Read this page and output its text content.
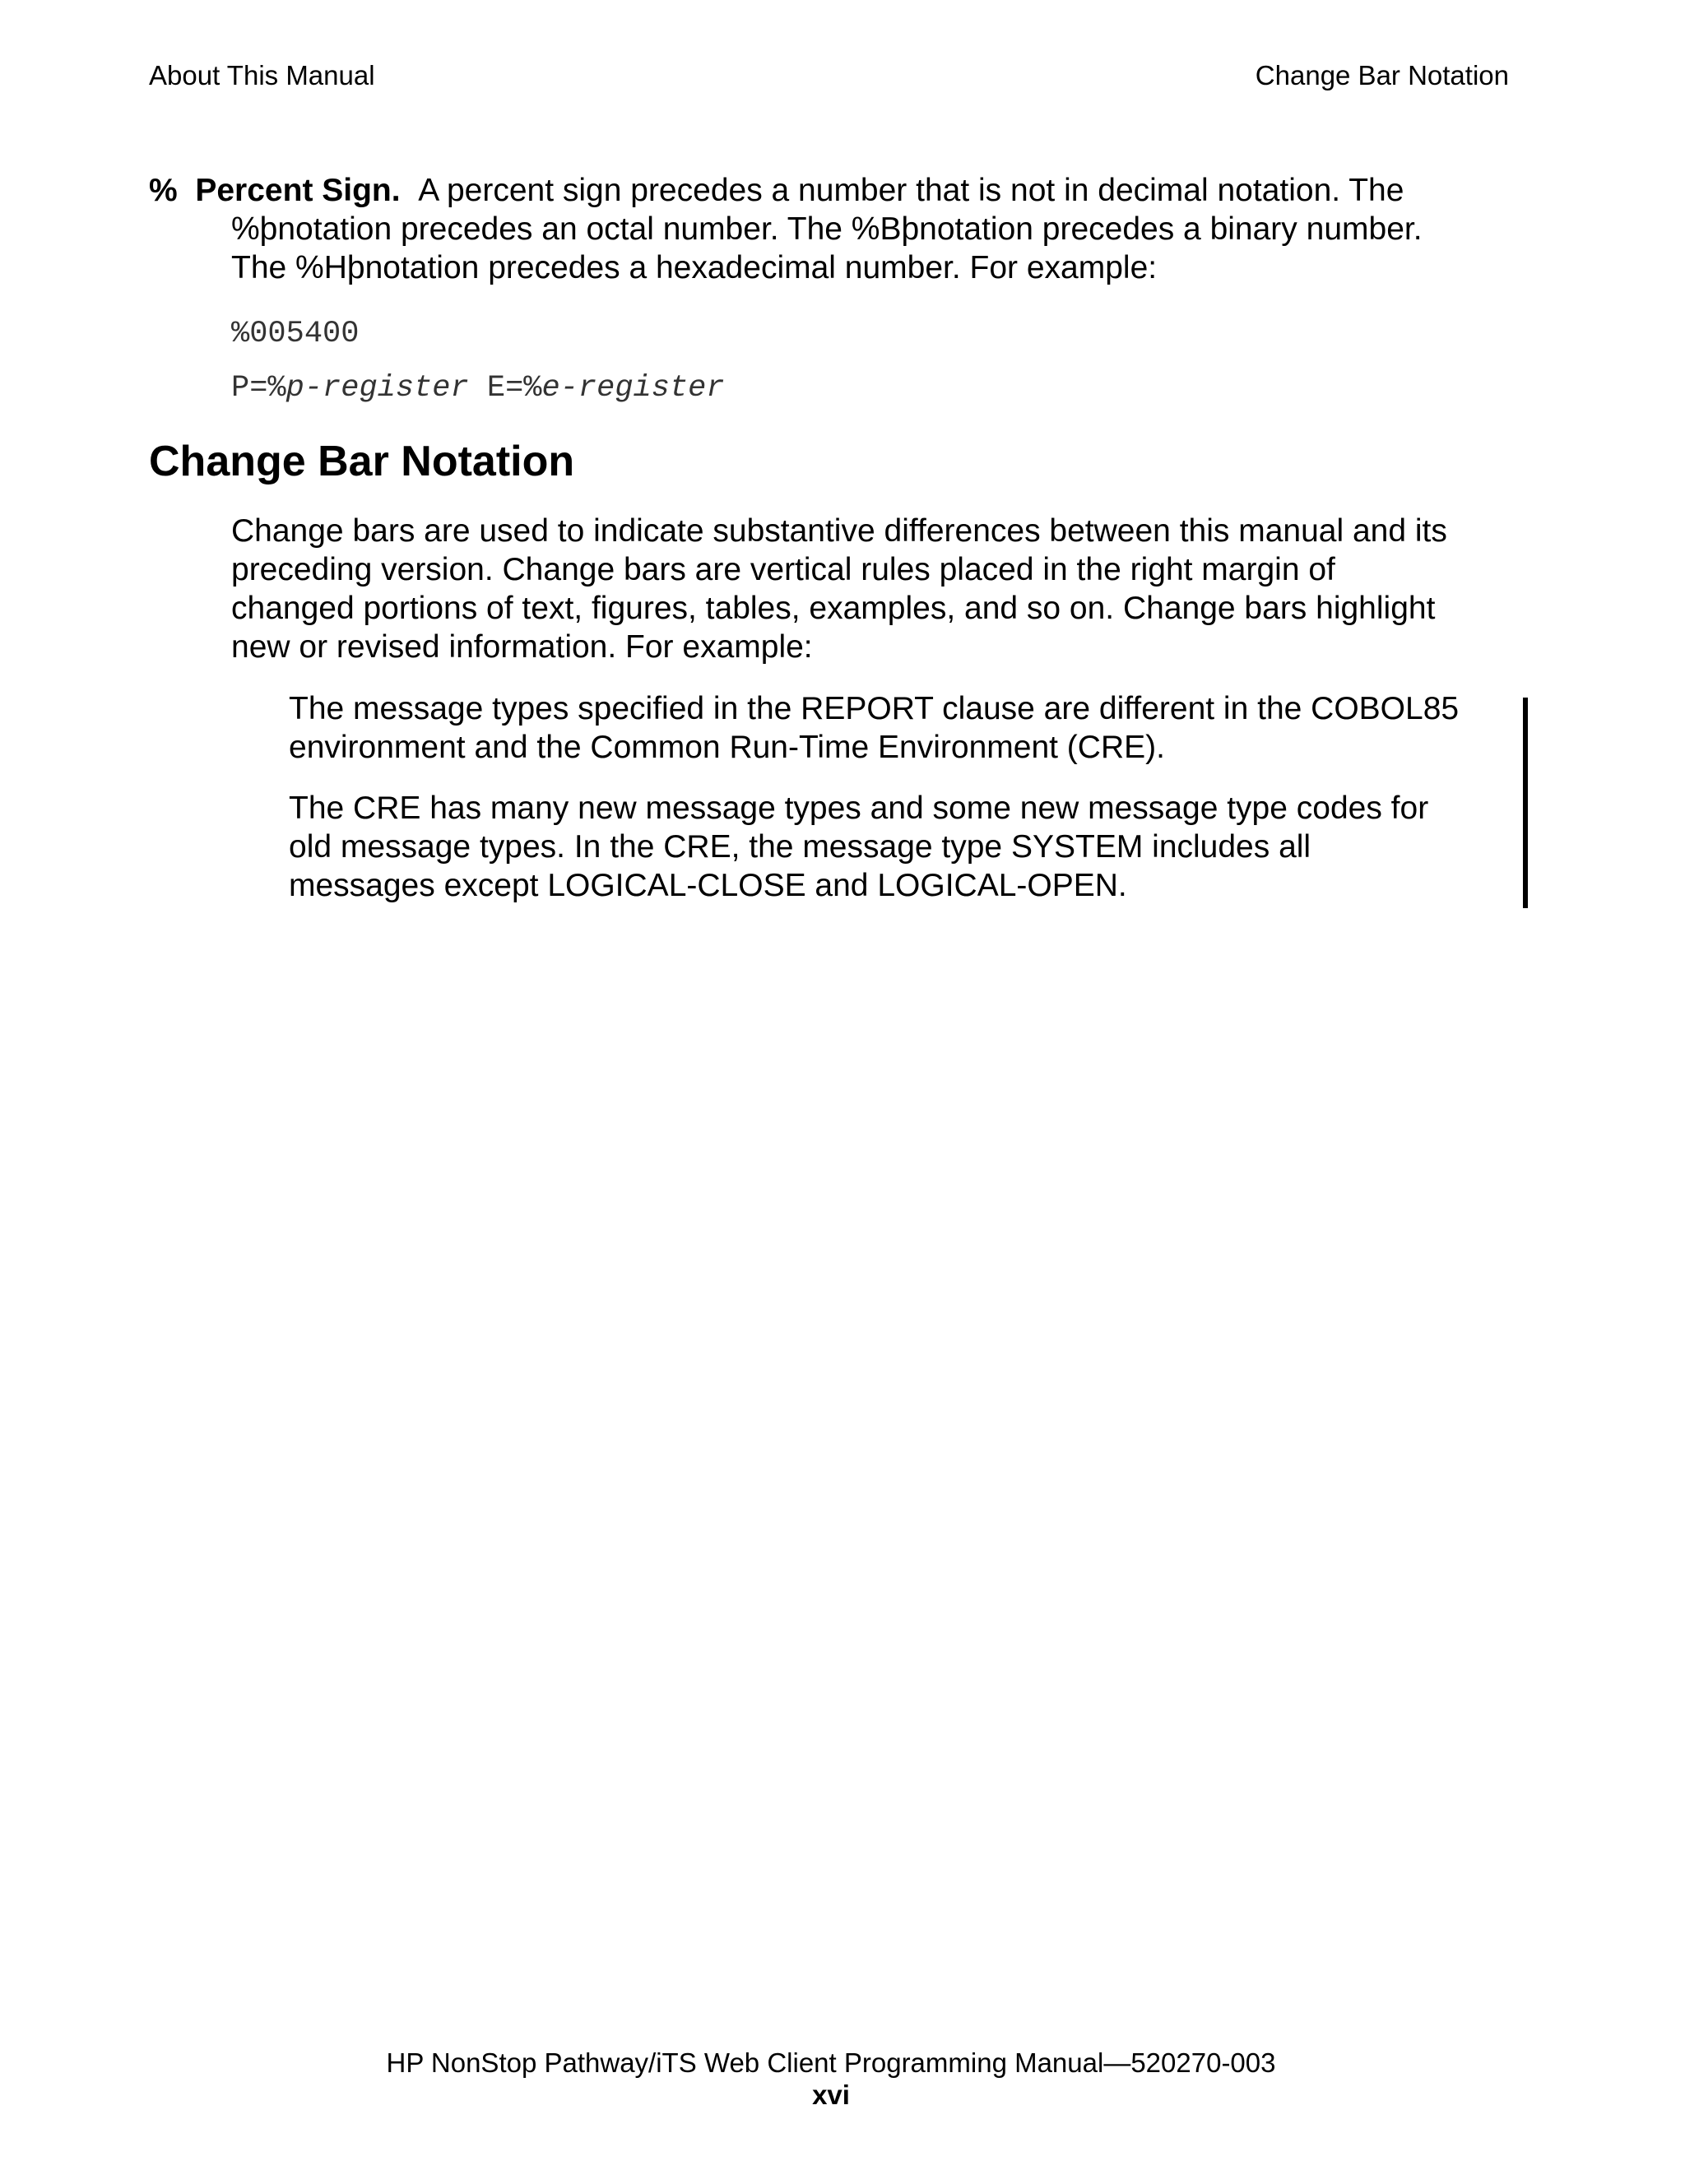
About This Manual	Change Bar Notation
% Percent Sign. A percent sign precedes a number that is not in decimal notation. The
%þnotation precedes an octal number. The %Bþnotation precedes a binary number.
The %Hþnotation precedes a hexadecimal number. For example:
%005400
P=%p-register E=%e-register
Change Bar Notation
Change bars are used to indicate substantive differences between this manual and its
preceding version. Change bars are vertical rules placed in the right margin of
changed portions of text, figures, tables, examples, and so on. Change bars highlight
new or revised information. For example:
The message types specified in the REPORT clause are different in the COBOL85
environment and the Common Run-Time Environment (CRE).
The CRE has many new message types and some new message type codes for
old message types. In the CRE, the message type SYSTEM includes all
messages except LOGICAL-CLOSE and LOGICAL-OPEN.
HP NonStop Pathway/iTS Web Client Programming Manual—520270-003
xvi
